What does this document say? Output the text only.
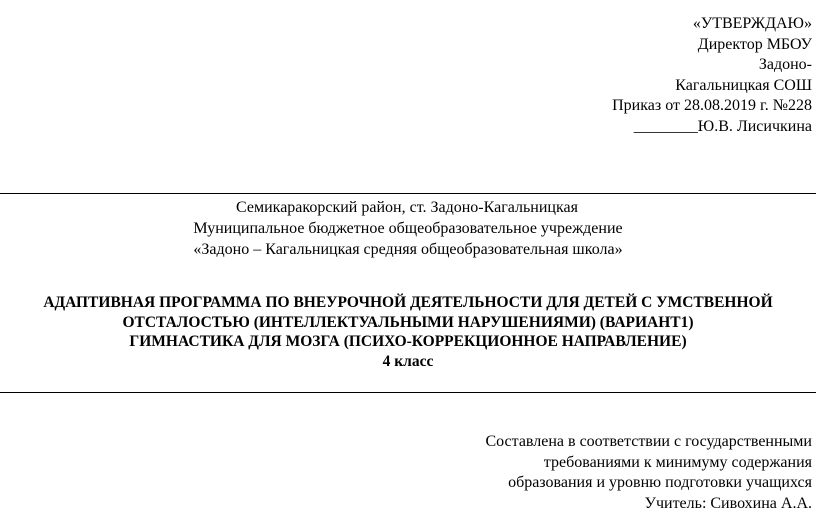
«УТВЕРЖДАЮ»
Директор МБОУ
Задоно-
Кагальницкая СОШ
Приказ от 28.08.2019 г. №228
________Ю.В. Лисичкина
Семикаракорский район, ст. Задоно-Кагальницкая
Муниципальное бюджетное общеобразовательное учреждение
«Задоно – Кагальницкая средняя общеобразовательная школа»
АДАПТИВНАЯ ПРОГРАММА ПО ВНЕУРОЧНОЙ ДЕЯТЕЛЬНОСТИ ДЛЯ ДЕТЕЙ С УМСТВЕННОЙ
ОТСТАЛОСТЬЮ (ИНТЕЛЛЕКТУАЛЬНЫМИ НАРУШЕНИЯМИ) (ВАРИАНТ1)
ГИМНАСТИКА ДЛЯ МОЗГА (ПСИХО-КОРРЕКЦИОННОЕ НАПРАВЛЕНИЕ)
4 класс
Составлена в соответствии с государственными
требованиями к минимуму содержания
образования и уровню подготовки учащихся
Учитель: Сивохина А.А.
